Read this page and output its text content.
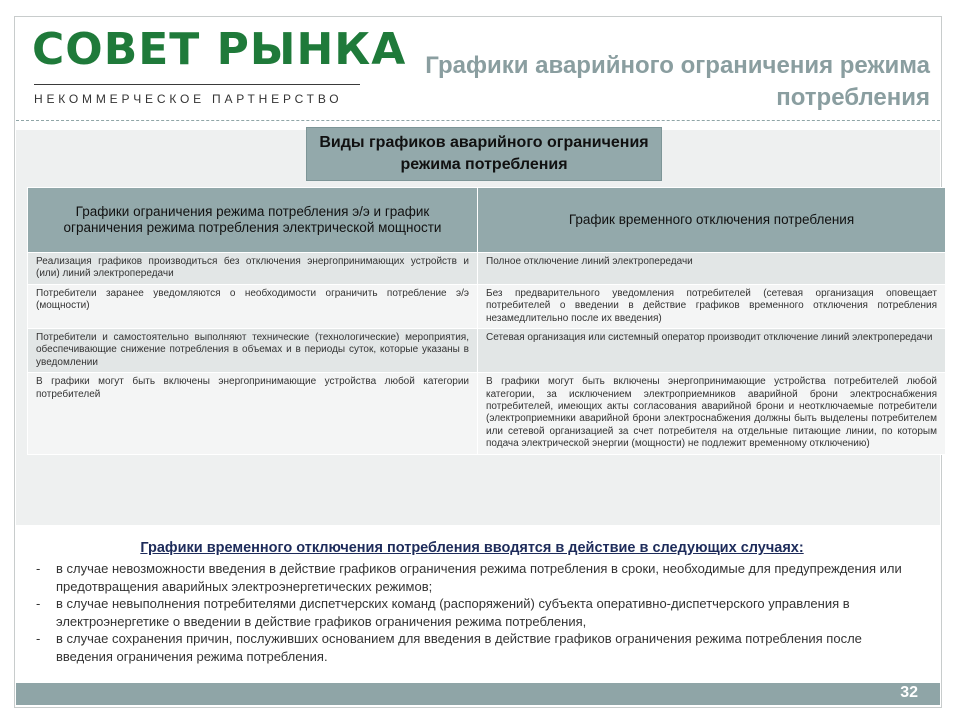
СОВЕТ РЫНКА
НЕКОММЕРЧЕСКОЕ ПАРТНЕРСТВО
Графики аварийного ограничения режима потребления
Виды графиков аварийного ограничения режима потребления
Графики ограничения режима потребления э/э и график ограничения режима потребления электрической мощности	График временного отключения потребления
Реализация графиков производиться без отключения энергопринимающих устройств и (или) линий электропередачи	Полное отключение линий электропередачи
Потребители заранее уведомляются о необходимости ограничить потребление э/э (мощности)	Без предварительного уведомления потребителей (сетевая организация оповещает потребителей о введении в действие графиков временного отключения потребления незамедлительно после их введения)
Потребители и самостоятельно выполняют технические (технологические) мероприятия, обеспечивающие снижение потребления в объемах и в периоды суток, которые указаны в уведомлении	Сетевая организация или системный оператор производит отключение линий электропередачи
В графики могут быть включены энергопринимающие устройства любой категории потребителей	В графики могут быть включены энергопринимающие устройства потребителей любой категории, за исключением электроприемников аварийной брони электроснабжения потребителей, имеющих акты согласования аварийной брони и неотключаемые потребители (электроприемники аварийной брони электроснабжения должны быть выделены потребителем или сетевой организацией за счет потребителя на отдельные питающие линии, по которым подача электрической энергии (мощности) не подлежит временному отключению)
Графики временного отключения потребления вводятся в действие в следующих случаях:
- в случае невозможности введения в действие графиков ограничения режима потребления в сроки, необходимые для предупреждения или предотвращения аварийных электроэнергетических режимов;
- в случае невыполнения потребителями диспетчерских команд (распоряжений) субъекта оперативно-диспетчерского управления в электроэнергетике о введении в действие графиков ограничения режима потребления,
- в случае сохранения причин, послуживших основанием для введения в действие графиков ограничения режима потребления после введения ограничения режима потребления.
32
